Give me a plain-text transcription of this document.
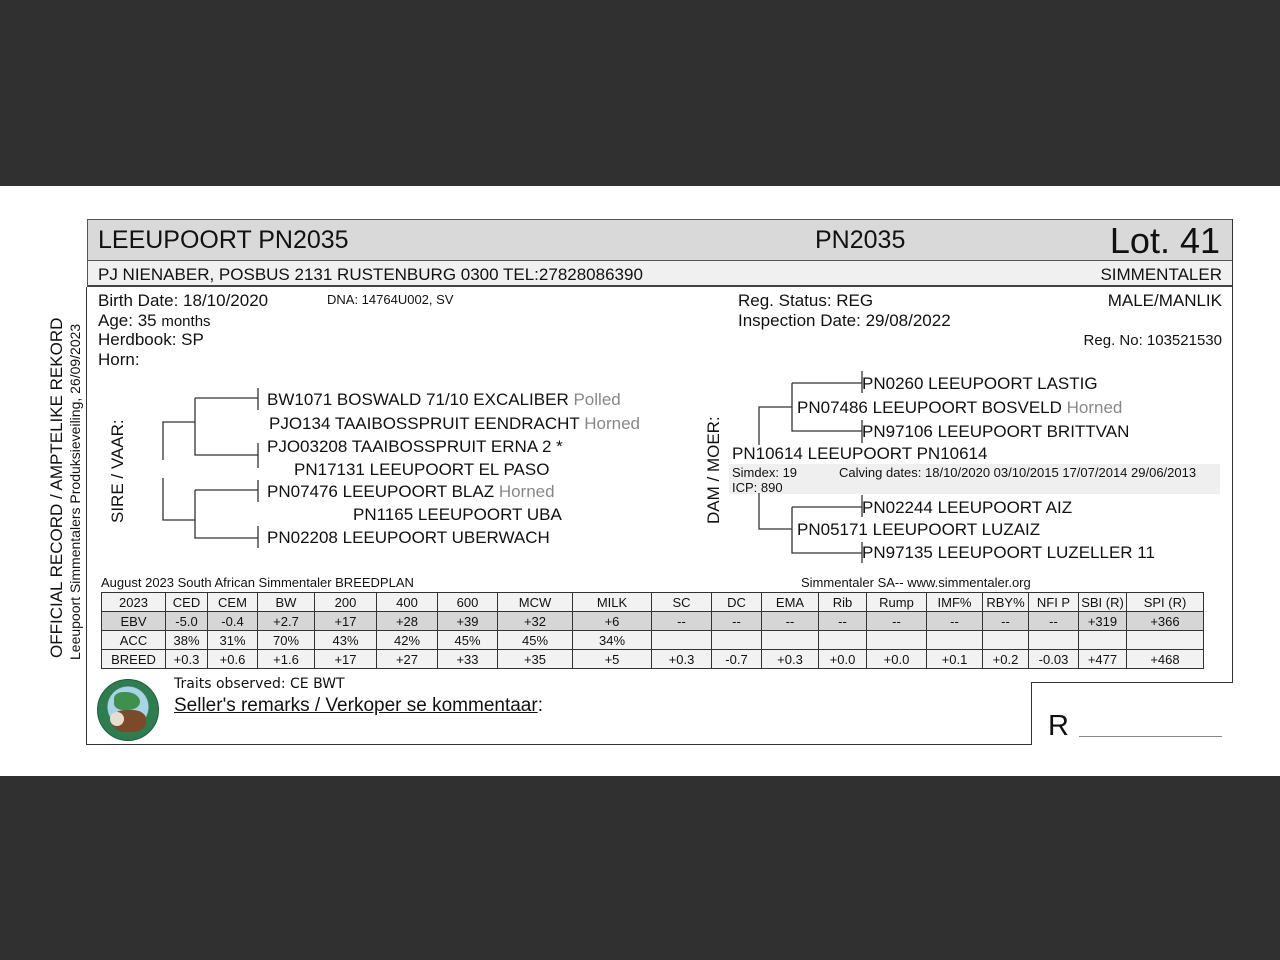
LEEUPOORT PN2035	PN2035	Lot. 41
PJ NIENABER, POSBUS 2131 RUSTENBURG 0300 TEL:27828086390	SIMMENTALER
OFFICIAL RECORD / AMPTELIKE REKORD Leeupoort Simmentalers Produksieveiling, 26/09/2023
Birth Date: 18/10/2020	DNA: 14764U002, SV
Age: 35 months
Herdbook: SP
Horn:
Reg. Status: REG
Inspection Date: 29/08/2022
MALE/MANLIK
Reg. No: 103521530
SIRE / VAAR:
BW1071 BOSWALD 71/10 EXCALIBER Polled
PJO134 TAAIBOSSPRUIT EENDRACHT Horned
PJO03208 TAAIBOSSPRUIT ERNA 2 *
PN17131 LEEUPOORT EL PASO
PN07476 LEEUPOORT BLAZ Horned
PN1165 LEEUPOORT UBA
PN02208 LEEUPOORT UBERWACH
DAM / MOER:
PN0260 LEEUPOORT LASTIG
PN07486 LEEUPOORT BOSVELD Horned
PN97106 LEEUPOORT BRITTVAN
PN10614 LEEUPOORT PN10614
Simdex: 19
ICP: 890
Calving dates: 18/10/2020 03/10/2015 17/07/2014 29/06/2013
PN02244 LEEUPOORT AIZ
PN05171 LEEUPOORT LUZAIZ
PN97135 LEEUPOORT LUZELLER 11
August 2023 South African Simmentaler BREEDPLAN	Simmentaler SA-- www.simmentaler.org
2023	CED	CEM	BW	200	400	600	MCW	MILK	SC	DC	EMA	Rib	Rump	IMF%	RBY%	NFI P	SBI (R)	SPI (R)
EBV	-5.0	-0.4	+2.7	+17	+28	+39	+32	+6	--	--	--	--	--	--	--	--	+319	+366
ACC	38%	31%	70%	43%	42%	45%	45%	34%										
BREED	+0.3	+0.6	+1.6	+17	+27	+33	+35	+5	+0.3	-0.7	+0.3	+0.0	+0.0	+0.1	+0.2	-0.03	+477	+468
Traits observed: CE BWT
Seller's remarks / Verkoper se kommentaar:
R
